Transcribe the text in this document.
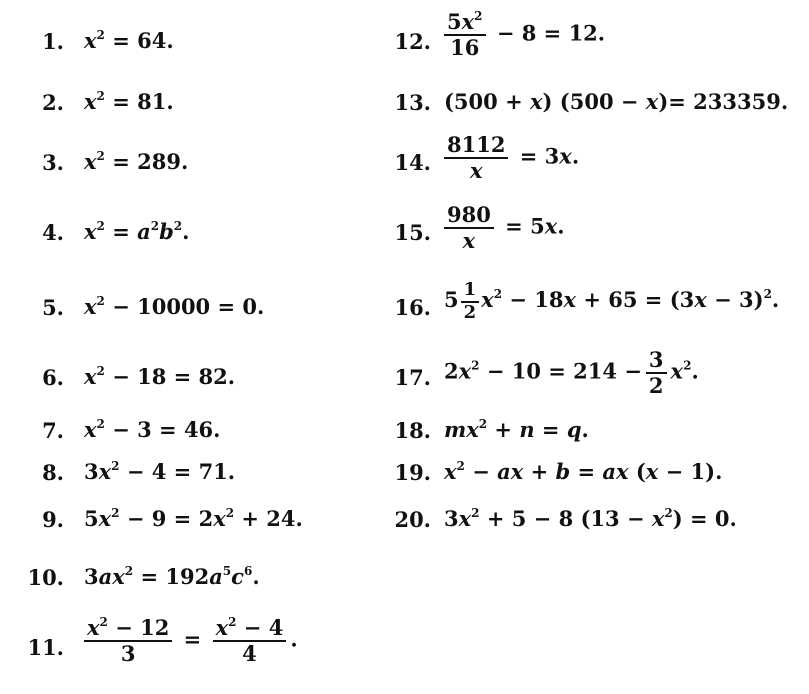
1. $x^2 = 64$.
2. $x^2 = 81$.
3. $x^2 = 289$.
4. $x^2 = a^2b^2$.
5. $x^2 - 10000 = 0$.
6. $x^2 - 18 = 82$.
7. $x^2 - 3 = 46$.
8. $3x^2 - 4 = 71$.
9. $5x^2 - 9 = 2x^2 + 24$.
10. $3ax^2 = 192a^5c^6$.
11. $\frac{x^2 - 12}{3} = \frac{x^2 - 4}{4}$ .
12. $\frac{5x^2}{16} - 8 = 12$.
13. (500 + x) (500 − x)= 233359.
14. $\frac{8112}{x} = 3x$.
15. $\frac{980}{x} = 5x$.
16. $5 \frac{1}{2} x^2 - 18x + 65 = (3x - 3)^2$.
17. $2x^2 - 10 = 214 - \frac{3}{2} x^2$.
18. $mx^2 + n = q$.
19. $x^2$ − ax + b = ax (x − 1).
20. $3x^2 + 5 - 8$ $(13 - x^2) = 0$.
